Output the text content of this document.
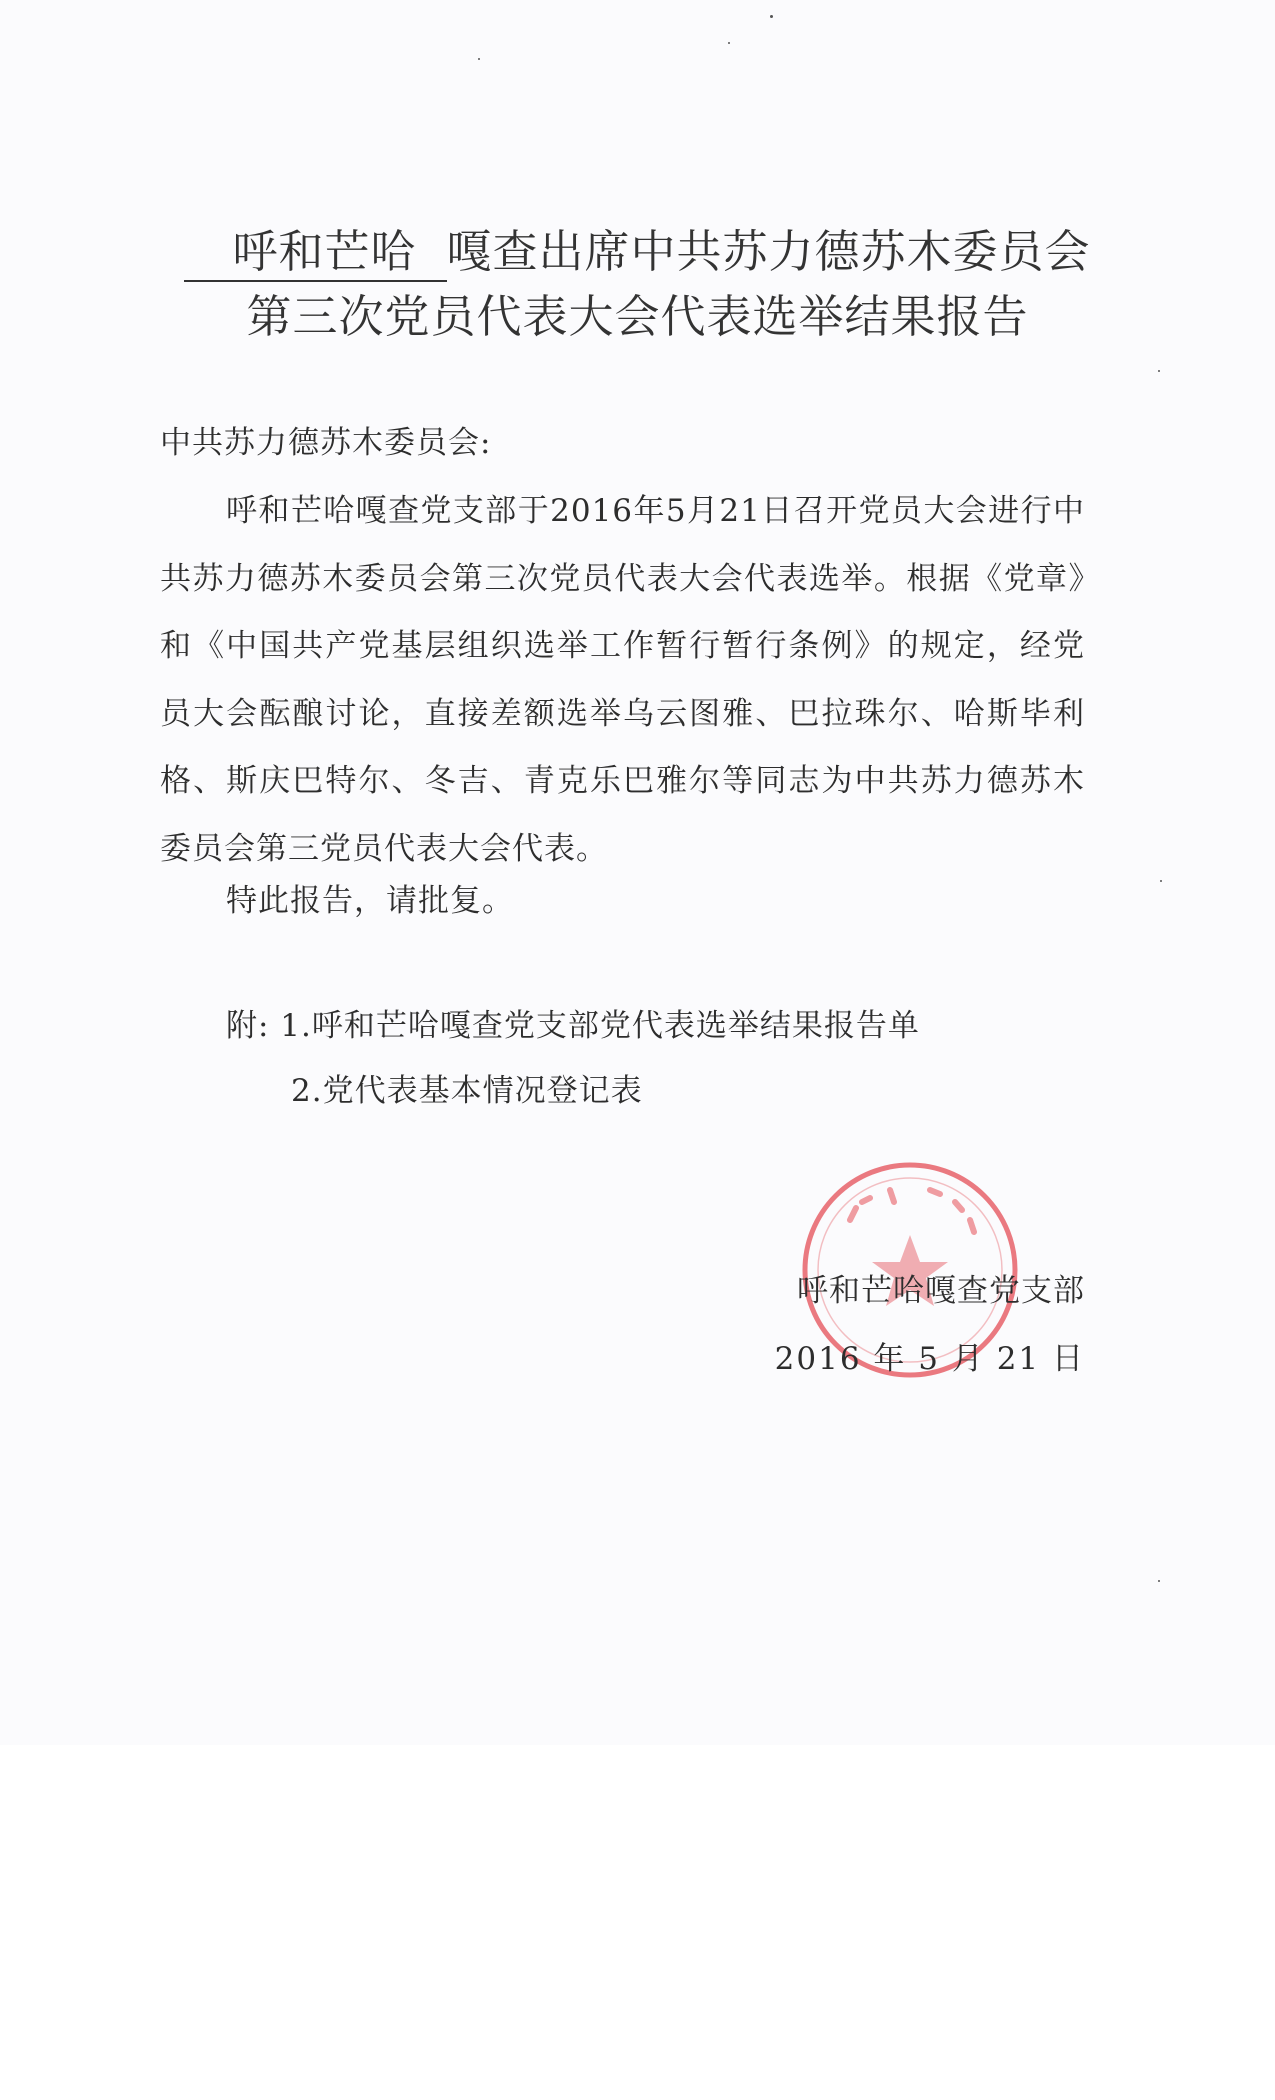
呼和芒哈 嘎查出席中共苏力德苏木委员会
第三次党员代表大会代表选举结果报告
中共苏力德苏木委员会:
呼和芒哈嘎查党支部于2016年5月21日召开党员大会进行中共苏力德苏木委员会第三次党员代表大会代表选举。根据《党章》和《中国共产党基层组织选举工作暂行暂行条例》的规定，经党员大会酝酿讨论，直接差额选举乌云图雅、巴拉珠尔、哈斯毕利格、斯庆巴特尔、冬吉、青克乐巴雅尔等同志为中共苏力德苏木委员会第三党员代表大会代表。
特此报告，请批复。
附: 1.呼和芒哈嘎查党支部党代表选举结果报告单
2.党代表基本情况登记表
呼和芒哈嘎查党支部
2016 年 5 月 21 日
